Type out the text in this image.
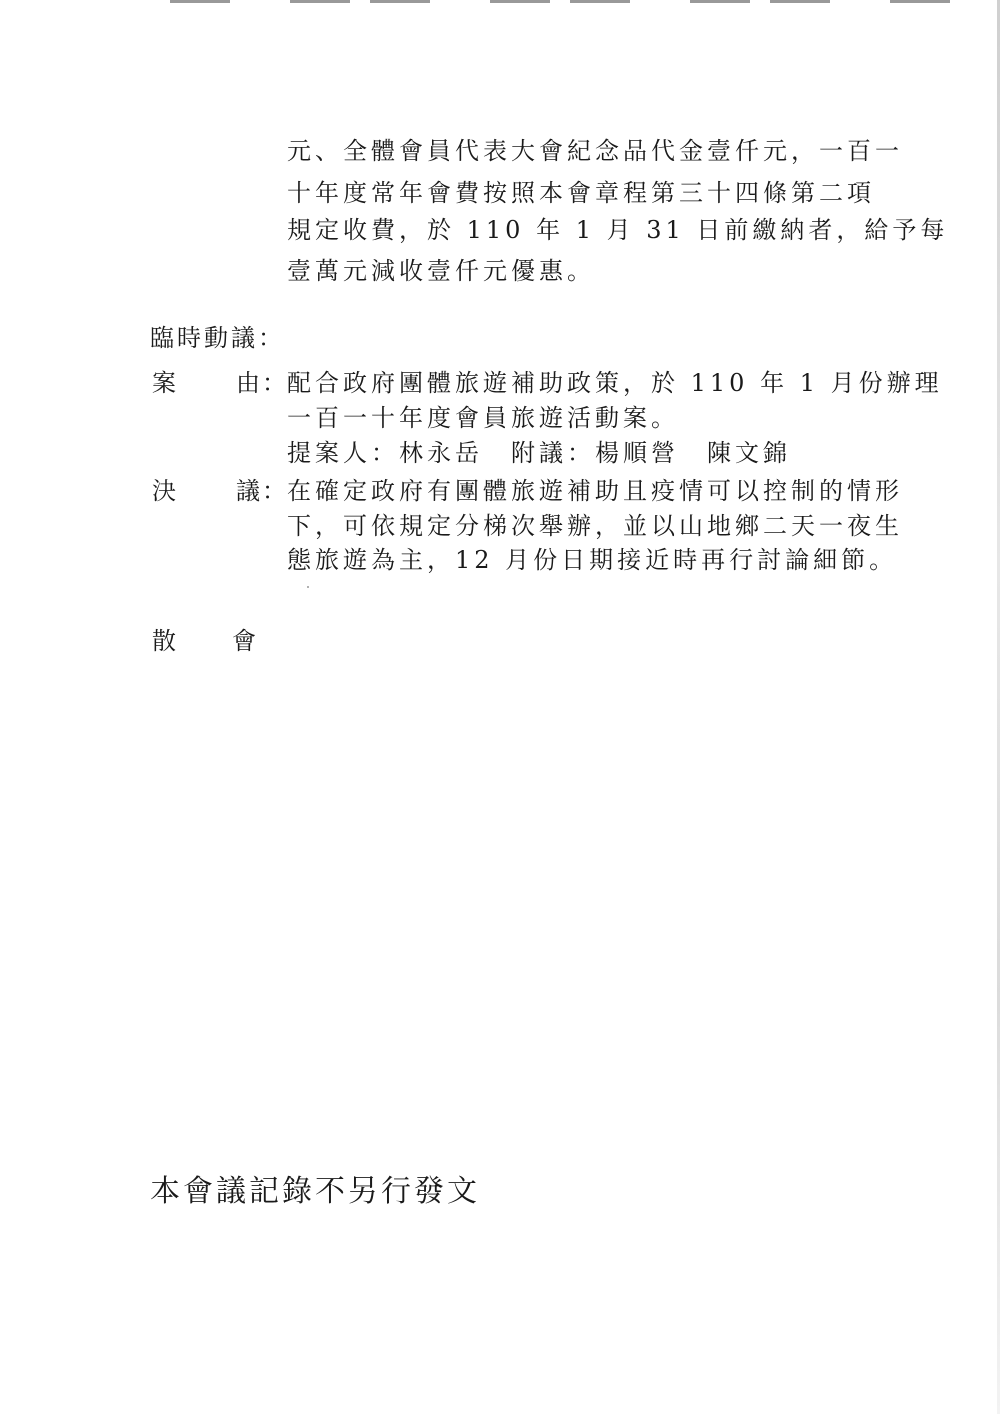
元、全體會員代表大會紀念品代金壹仟元，一百一
十年度常年會費按照本會章程第三十四條第二項
規定收費，於 110 年 1 月 31 日前繳納者，給予每
壹萬元減收壹仟元優惠。
臨時動議：
案 由 ： 配合政府團體旅遊補助政策，於 110 年 1 月份辦理
一百一十年度會員旅遊活動案。
提案人：林永岳　附議：楊順營　陳文錦
決 議 ： 在確定政府有團體旅遊補助且疫情可以控制的情形
下，可依規定分梯次舉辦，並以山地鄉二天一夜生
態旅遊為主，12 月份日期接近時再行討論細節。
散 會
本會議記錄不另行發文
